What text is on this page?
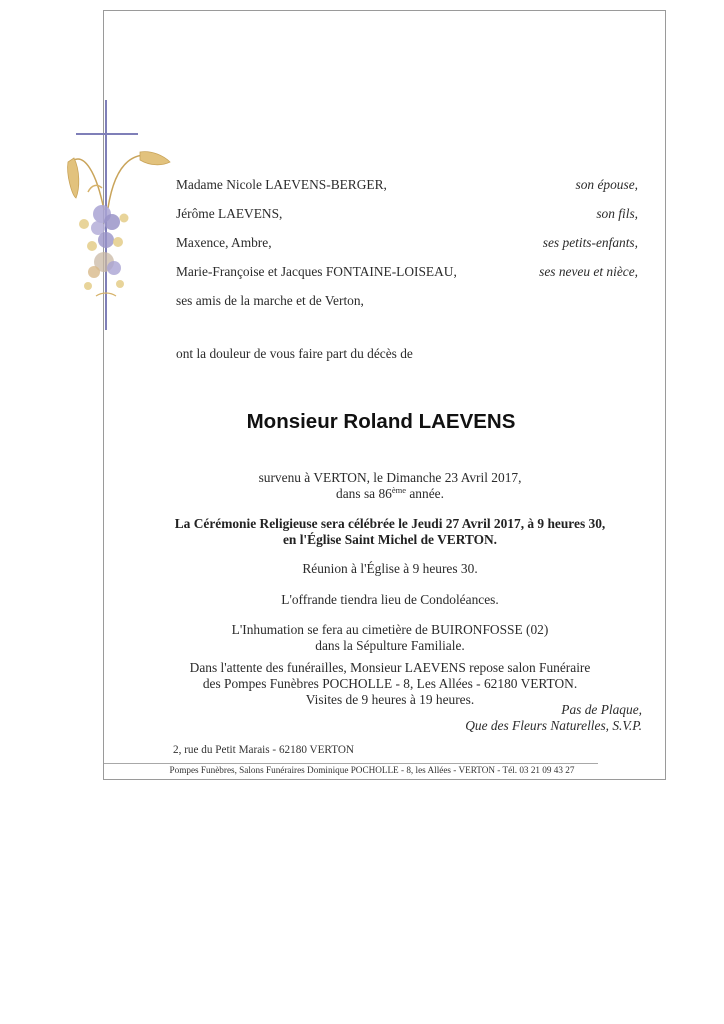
Madame Nicole LAEVENS-BERGER,	son épouse,
Jérôme LAEVENS,	son fils,
Maxence, Ambre,	ses petits-enfants,
Marie-Françoise et Jacques FONTAINE-LOISEAU,	ses neveu et nièce,
ses amis de la marche et de Verton,
ont la douleur de vous faire part du décès de
Monsieur Roland LAEVENS
survenu à VERTON, le Dimanche 23 Avril 2017,
dans sa 86ème année.
La Cérémonie Religieuse sera célébrée le Jeudi 27 Avril 2017, à 9 heures 30,
en l'Église Saint Michel de VERTON.
Réunion à l'Église à 9 heures 30.
L'offrande tiendra lieu de Condoléances.
L'Inhumation se fera au cimetière de BUIRONFOSSE (02)
dans la Sépulture Familiale.
Dans l'attente des funérailles, Monsieur LAEVENS repose salon Funéraire
des Pompes Funèbres POCHOLLE - 8, Les Allées - 62180 VERTON.
Visites de 9 heures à 19 heures.
Pas de Plaque,
Que des Fleurs Naturelles, S.V.P.
2, rue du Petit Marais - 62180 VERTON
Pompes Funèbres, Salons Funéraires Dominique POCHOLLE - 8, les Allées - VERTON - Tél. 03 21 09 43 27
